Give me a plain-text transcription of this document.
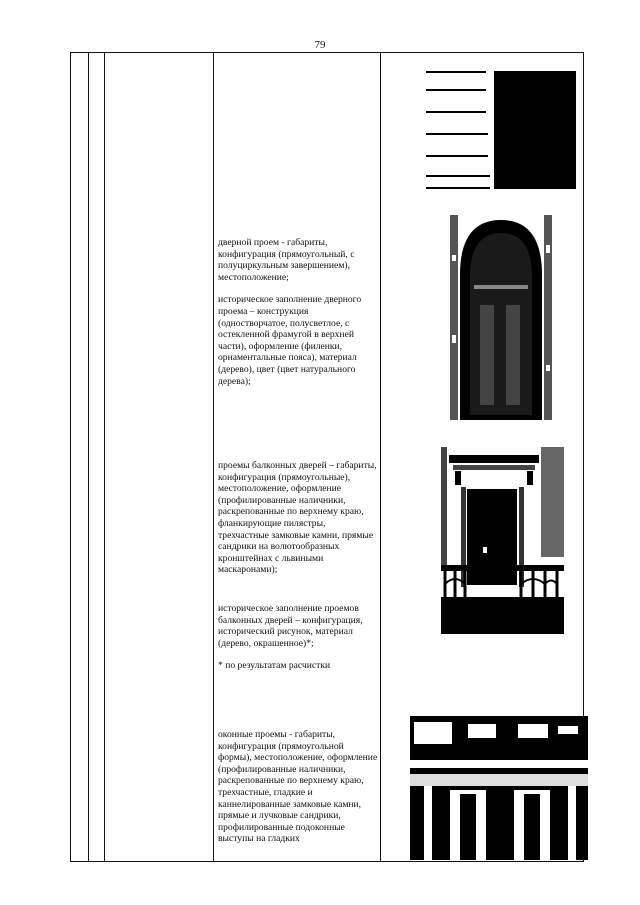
79

дверной проем - габариты, конфигурация (прямоугольный, с полуциркульным завершением), местоположение;

историческое заполнение дверного проема – конструкция (одностворчатое, полусветлое, с остекленной фрамугой в верхней части), оформление (филенки, орнаментальные пояса), материал (дерево), цвет (цвет натурального дерева);

проемы балконных дверей – габариты, конфигурация (прямоугольные), местоположение, оформление (профилированные наличники, раскрепованные по верхнему краю, фланкирующие пилястры, трехчастные замковые камни, прямые сандрики на волютообразных кронштейнах с львиными маскаронами);

историческое заполнение проемов балконных дверей – конфигурация, исторический рисунок, материал (дерево, окрашенное)*;

* по результатам расчистки

оконные проемы - габариты, конфигурация (прямоугольной формы), местоположение, оформление (профилированные наличники, раскрепованные по верхнему краю, трехчастные, гладкие и каннелированные замковые камни, прямые и лучковые сандрики, профилированные подоконные выступы на гладких
